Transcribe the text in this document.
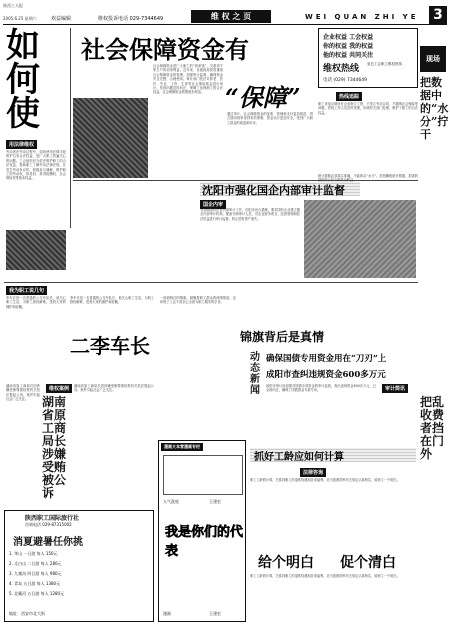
陕西工人报
2005.6.25 星期六	欢益编辑	维权投诉电话 029-7344649	维 权 之 页	WEI QUAN ZHI YE 3
如
何
使
用法律维权
劳动者在劳动过程中，如何使用法律手段维护自身合法权益，是广大职工普遍关心的问题。工会组织应当依法维护职工的合法权益，帮助职工了解劳动法律法规，在发生劳动争议时，积极参与调解，维护职工的劳动权、休息权、获得报酬权、社会保险权等基本权益。
社会保障资金有
社会保障资金是广大职工的“养命钱”，关系到千家万户的切身利益。近年来，各级政府高度重视社会保障资金的管理，加强审计监督，确保资金安全完整、合理使用。审计部门依法对养老、医疗、失业、工伤、生育等社会保险基金进行审计，发现问题及时纠正，保障了参保职工的合法权益，社会保障资金管理逐步规范。 “保障”
通过审计，社会保障资金的征收、管理和支付更加规范，挤占挪用现象得到有效遏制，资金运行更加安全，受到广大职工群众的欢迎和好评。
企业权益 工会权益
你的权益 我的权益
他的权益 共同关注
维权热线 省总工会职工维权热线
电话 (029) 7344649
现场
热线追踪
职工来电反映所在企业拖欠工资、不签订劳动合同、不缴纳社会保险等问题，热线工作人员及时受理，协调有关部门处理，维护了职工的合法权益。
把数据中的“水分”拧干
统计数据必须真实准确，不能掺杂“水分”。虚报瞒报统计数据，损害的
沈阳市强化国企内部审计监督
国企内审
为加强国有企业内部审计工作，沈阳市出台措施，要求国有企业建立健全内部审计机构，配备专职审计人员，对企业财务收支、经营管理和经济效益进行审计监督，防止国有资产流失。
我为职工说几句
二李车长
李车长是一名普通的公交车队长，他关心职工生活，为职工排忧解难，受到大家的拥护和爱戴。
李车长是一名普通的公交车队长，他关心职工生活，为职工排忧解难，受到大家的拥护和爱戴。
锦旗背后是真情
一面面鲜红的锦旗，凝聚着职工群众的深情厚谊，也体现了工会干部全心全意为职工服务的宗旨。
维权案例
湖南省原工商局长涉嫌受贿被公诉
湖南省原工商局长因涉嫌受贿罪被检察机关依法提起公诉，案件引起社会广泛关注。
湖南省原工商局长因涉嫌受贿罪被检察机关依法提起公诉，案件引起社会广泛关注。
陕西职工国际旅行社
咨询电话 029-87315002
消夏避暑任你挑
1. 华山 一日游 每人 150元
2. 太白山 二日游 每人 280元
3. 九寨沟 四日游 每人 980元
4. 青岛 五日游 每人 1380元
5. 北戴河 五日游 每人 1280元
地址：西安市北大街
漫画大本营漫画专栏
人气洗底	王建宏
我是你们的代表
漫画	王建宏
动态新闻
确保国债专用资金用在“刀刃”上
成阳市查纠违规资金600多万元
咸阳市审计局加强对国债专项资金的审计监督，查出违规资金600多万元，已全部纠正，确保了国债资金专款专用。	审计简讯
把乱收费者挡在门外
抓好工龄应如何计算
法律咨询
职工工龄的计算，关系到职工的退休待遇和各项福利，应当按照国家有关规定认真核实，给职工一个明白。
给个明白 促个清白
职工工龄的计算，关系到职工的退休待遇和各项福利，应当按照国家有关规定认真核实，给职工一个明白。
